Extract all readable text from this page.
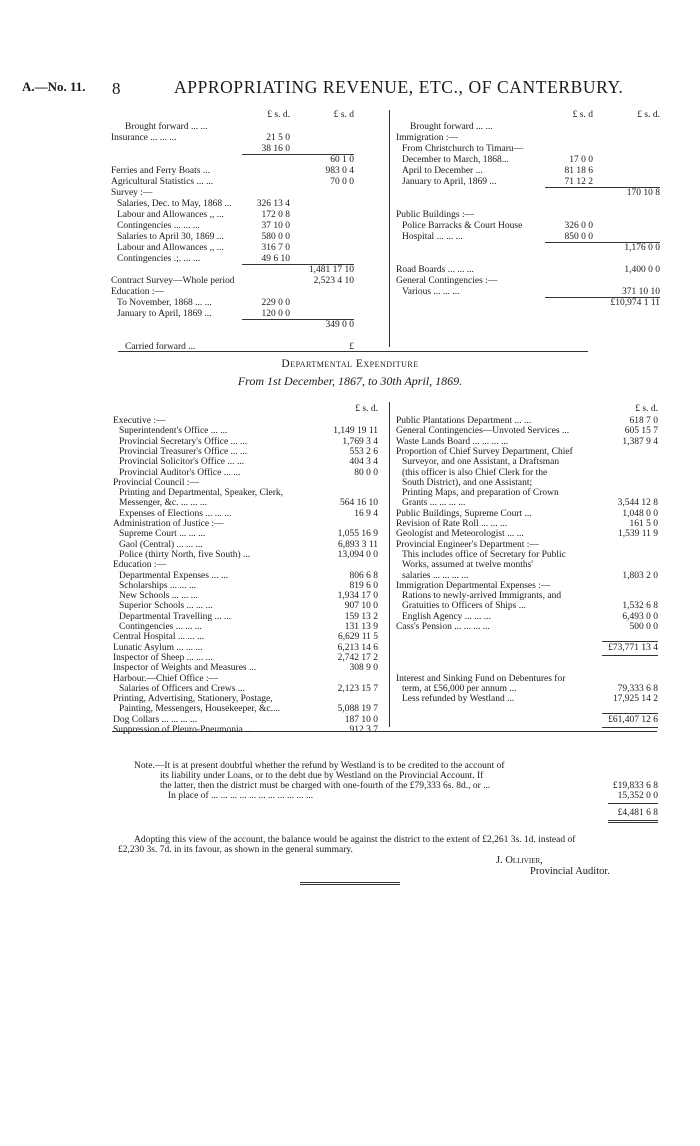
A.—No. 11. 8	APPROPRIATING REVENUE, ETC., OF CANTERBURY.
Departmental Expenditure
From 1st December, 1867, to 30th April, 1869.
Note.—It is at present doubtful whether the refund by Westland is to be credited to the account of
its liability under Loans, or to the debt due by Westland on the Provincial Account. If
the latter, then the district must be charged with one-fourth of the £79,333 6s. 8d., or ...	£19,833 6 8
In place of ... ... ... ... ... ... ... ... ... ... ...	15,352 0 0
£4,481 6 8
Adopting this view of the account, the balance would be against the district to the extent of £2,261 3s. 1d. instead of
£2,230 3s. 7d. in its favour, as shown in the general summary.
J. Ollivier,
Provincial Auditor.
£ s. d.	£ s. d
Brought forward ... ...
Insurance ... ... ...	21 5 0
38 16 0
60 1 0
Ferries and Ferry Boats ...	983 0 4
Agricultural Statistics ... ...	70 0 0
Survey :—
Salaries, Dec. to May, 1868 ...	326 13 4
Labour and Allowances ,, ...	172 0 8
Contingencies ... ... ...	37 10 0
Salaries to April 30, 1869 ...	580 0 0
Labour and Allowances ,, ...	316 7 0
Contingencies .;. ... ...	49 6 10
1,481 17 10
Contract Survey—Whole period	2,523 4 10
Education :—
To November, 1868 ... ...	229 0 0
January to April, 1869 ...	120 0 0
349 0 0
Carried forward ...	£
£ s. d	£ s. d.
Brought forward ... ...
Immigration :—
From Christchurch to Timaru—
December to March, 1868...	17 0 0
April to December ...	81 18 6
January to April, 1869 ...	71 12 2
170 10 8
Public Buildings :—
Police Barracks & Court House	326 0 0
Hospital ... ... ...	850 0 0
1,176 0 0
Road Boards ... ... ...	1,400 0 0
General Contingencies :—
Various ... ... ...	371 10 10
£10,974 1 11
£ s. d.
Executive :—
Superintendent's Office ... ...	1,149 19 11
Provincial Secretary's Office ... ...	1,769 3 4
Provincial Treasurer's Office ... ...	553 2 6
Provincial Solicitor's Office ... ...	404 3 4
Provincial Auditor's Office ... ...	80 0 0
Provincial Council :—
Printing and Departmental, Speaker, Clerk,
Messenger, &c. ... ... ...	564 16 10
Expenses of Elections ... ... ...	16 9 4
Administration of Justice :—
Supreme Court ... ... ...	1,055 16 9
Gaol (Central) ... ... ...	6,893 3 11
Police (thirty North, five South) ...	13,094 0 0
Education :—
Departmental Expenses ... ...	806 6 8
Scholarships ... ... ...	819 6 0
New Schools ... ... ...	1,934 17 0
Superior Schools ... ... ...	907 10 0
Departmental Travelling ... ...	159 13 2
Contingencies ... ... ...	131 13 9
Central Hospital ... ... ...	6,629 11 5
Lunatic Asylum ... ... ...	6,213 14 6
Inspector of Sheep ... ... ...	2,742 17 2
Inspector of Weights and Measures ...	308 9 0
Harbour.—Chief Office :—
Salaries of Officers and Crews ...	2,123 15 7
Printing, Advertising, Stationery, Postage,
Painting, Messengers, Housekeeper, &c....	5,088 19 7
Dog Collars ... ... ... ...	187 10 0
Suppression of Pleuro-Pneumonia ...	912 3 7
£ s. d.
Public Plantations Department ... ...	618 7 0
General Contingencies—Unvoted Services ...	605 15 7
Waste Lands Board ... ... ... ...	1,387 9 4
Proportion of Chief Survey Department, Chief
Surveyor, and one Assistant, a Draftsman
(this officer is also Chief Clerk for the
South District), and one Assistant;
Printing Maps, and preparation of Crown
Grants ... ... ... ...	3,544 12 8
Public Buildings, Supreme Court ...	1,048 0 0
Revision of Rate Roll ... ... ...	161 5 0
Geologist and Meteorologist ... ...	1,539 11 9
Provincial Engineer's Department :—
This includes office of Secretary for Public
Works, assumed at twelve months'
salaries ... ... ... ...	1,803 2 0
Immigration Departmental Expenses :—
Rations to newly-arrived Immigrants, and
Gratuities to Officers of Ships ...	1,532 6 8
English Agency ... ... ...	6,493 0 0
Cass's Pension ... ... ... ...	500 0 0
£73,771 13 4
Interest and Sinking Fund on Debentures for
term, at £56,000 per annum ...	79,333 6 8
Less refunded by Westland ...	17,925 14 2
£61,407 12 6
